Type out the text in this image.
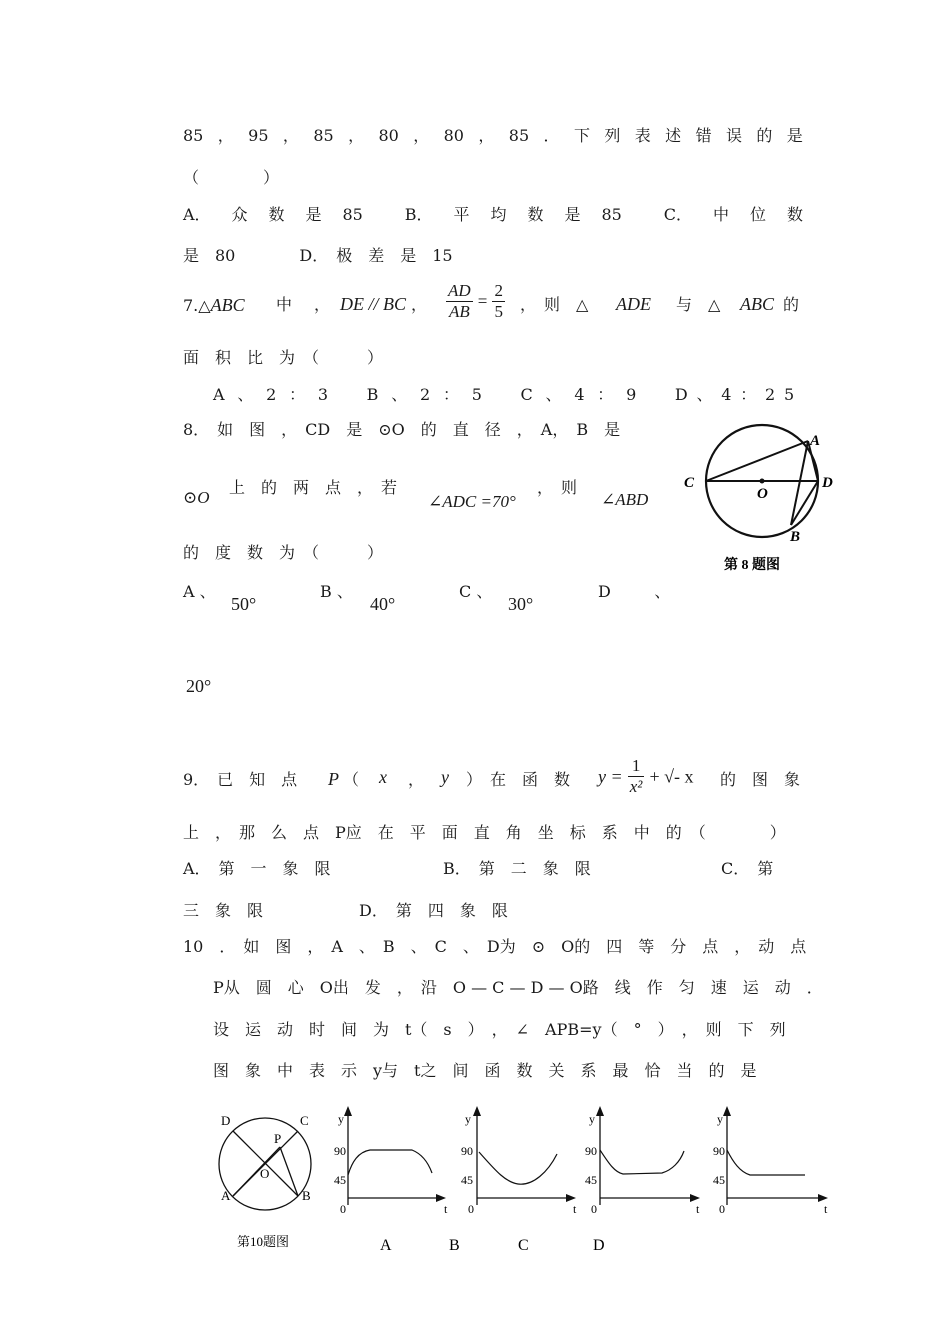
85 ， 95 ， 85 ， 80 ， 80 ， 85 ． 下 列 表 述 错 误 的 是
（　　　　）
A． 众 数 是 85	B． 平 均 数 是 85	C． 中 位 数
是　80　　　　D．　极　差　是　15
7.△ABC 中 ， DE // BC ， $\frac{AD}{AB} = \frac{2}{5}$ ，　则　△ ADE 与　△ ABC 的
面　积　比　为　（　　　）
A、2：3 B、2：5 C、4：9 D、4：25
8．　如　图　，　CD　是　⊙O　的　直　径　，　A，　B　是
⊙O
上　的　两　点　，　若
∠ADC =70°
，　则
∠ABD
的　度　数　为　（　　　）
A 、	B 、	C 、	D 、
50°	40°	30°
20°
A
C
O
D
B
第 8 题图
9．　已　知　点 P （ x ， y ）　在　函　数 $y = \frac{1}{\text{x²}}$ + √- x 的　图　象
上　，　那　么　点　P应　在　平　面　直　角　坐　标　系　中　的　（　　　　）
A．　第　一　象　限	B．　第　二　象　限	C．　第
三　象　限　　　　　　D．　第　四　象　限
10　．　如　图　，　A　、　B　、　C　、　D为　⊙　O的　四　等　分　点　，　动　点
P从　圆　心　O出　发　，　沿　O — C — D — O路　线　作　匀　速　运　动　．
设　运　动　时　间　为　t（　s　）　，　∠　APB=y（　°　）　，　则　下　列
图　象　中　表　示　y与　t之　间　函　数　关　系　最　恰　当　的　是
D	C
P
O
A	B
第10题图
y
90
45
0	t
y
90
45
0	t
y
90
45
0	t
y
90
45
0	t
A	B	C	D
